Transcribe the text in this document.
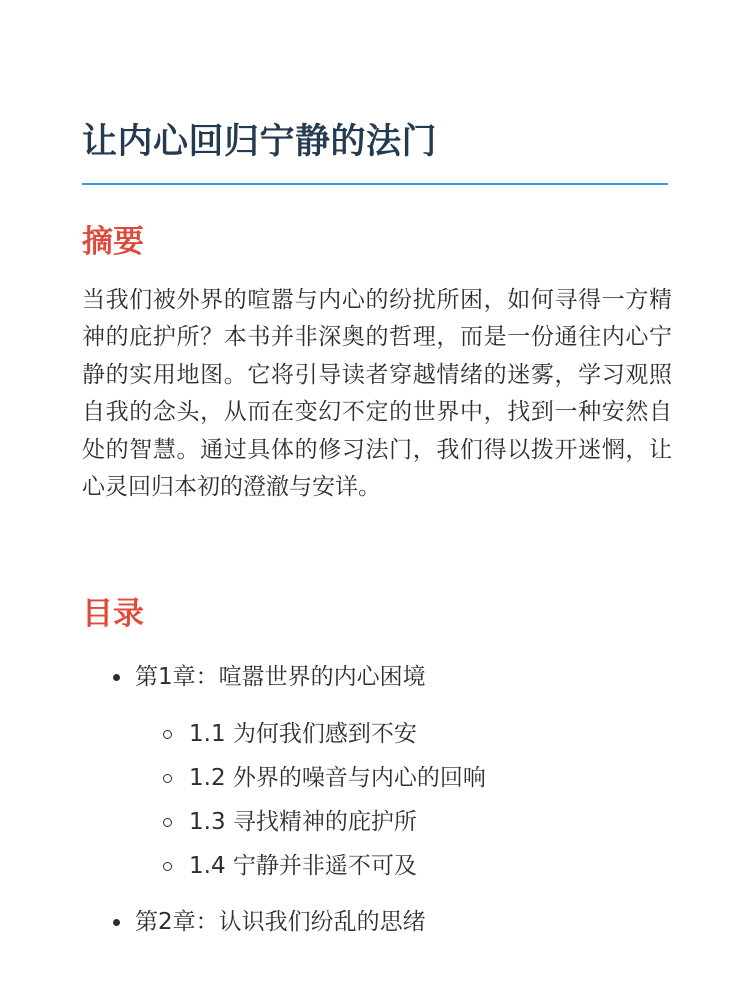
让内心回归宁静的法门
摘要

当我们被外界的喧嚣与内心的纷扰所困，如何寻得一方精神的庇护所？本书并非深奥的哲理，而是一份通往内心宁静的实用地图。它将引导读者穿越情绪的迷雾，学习观照自我的念头，从而在变幻不定的世界中，找到一种安然自处的智慧。通过具体的修习法门，我们得以拨开迷惘，让心灵回归本初的澄澈与安详。

目录
第1章：喧嚣世界的内心困境
1.1 为何我们感到不安
1.2 外界的噪音与内心的回响
1.3 寻找精神的庇护所
1.4 宁静并非遥不可及
第2章：认识我们纷乱的思绪
